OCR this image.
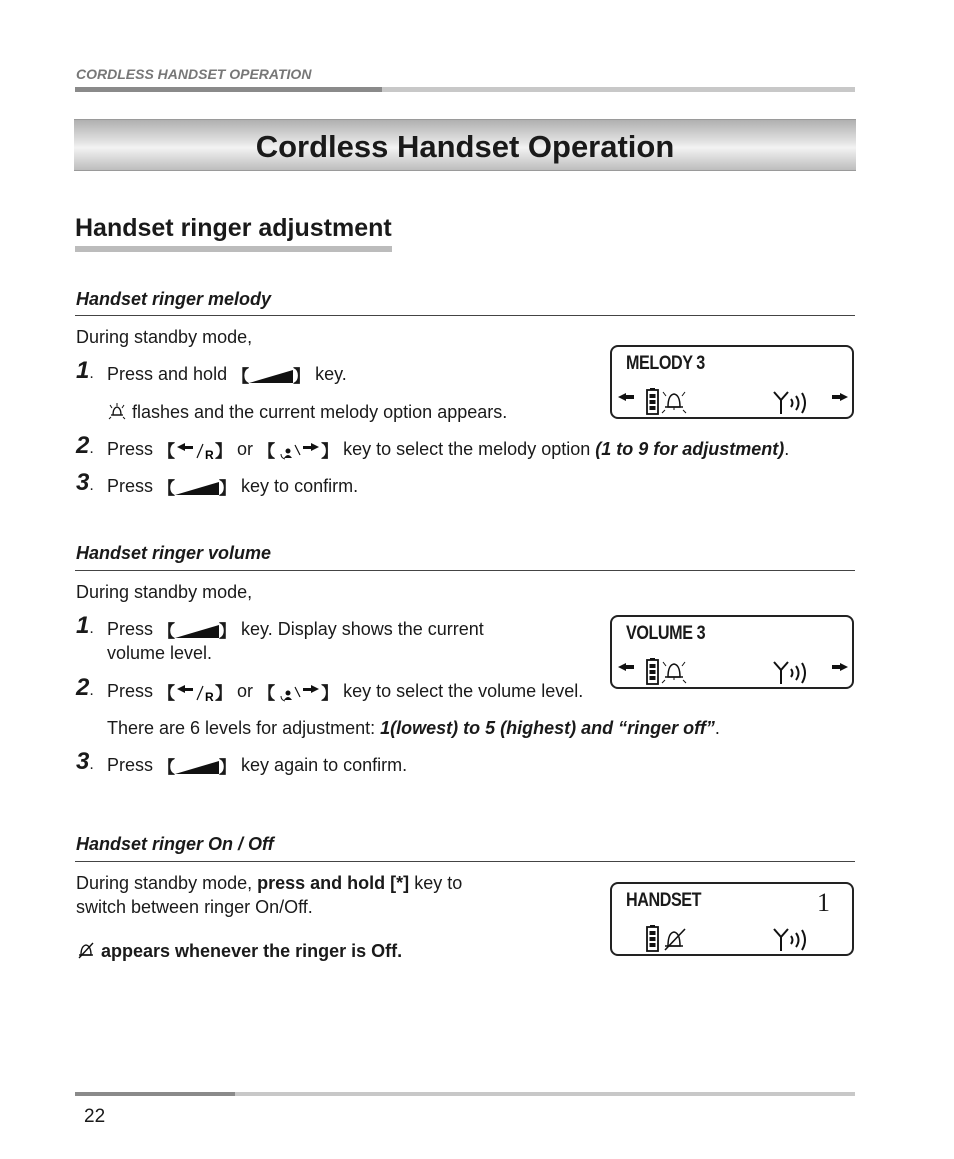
CORDLESS HANDSET OPERATION
Cordless Handset Operation
Handset ringer adjustment
Handset ringer melody
During standby mode,
1. Press and hold 【	】 key.
flashes and the current melody option appears.
2. Press 【	R 】 or 【	】 key to select the melody option (1 to 9 for adjustment).
3. Press 【	】 key to confirm.
MELODY 3
Handset ringer volume
During standby mode,
1. Press 【	】 key. Display shows the current
volume level.
2. Press 【	R 】 or 【	】 key to select the volume level.
There are 6 levels for adjustment: 1(lowest) to 5 (highest) and “ringer off”.
3. Press 【	】 key again to confirm.
VOLUME 3
Handset ringer On / Off
During standby mode, press and hold [*] key to
switch between ringer On/Off.
appears whenever the ringer is Off.
HANDSET	1
22
